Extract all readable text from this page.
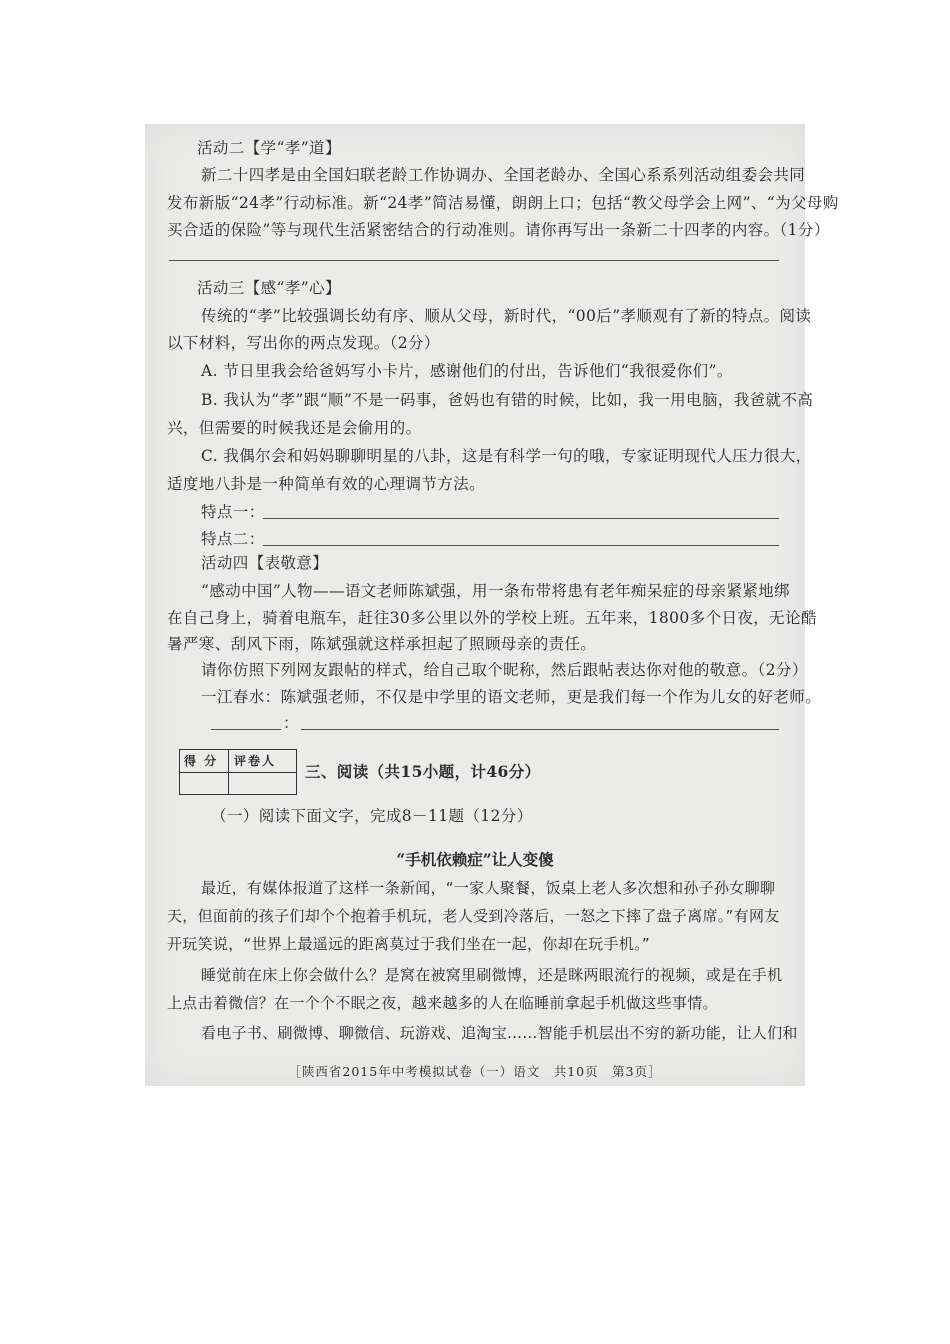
活动二【学“孝”道】
新二十四孝是由全国妇联老龄工作协调办、全国老龄办、全国心系系列活动组委会共同
发布新版“24孝”行动标准。新“24孝”简洁易懂，朗朗上口；包括“教父母学会上网”、“为父母购
买合适的保险”等与现代生活紧密结合的行动准则。请你再写出一条新二十四孝的内容。（1分）
活动三【感“孝”心】
传统的“孝”比较强调长幼有序、顺从父母，新时代，“00后”孝顺观有了新的特点。阅读
以下材料，写出你的两点发现。（2分）
A. 节日里我会给爸妈写小卡片，感谢他们的付出，告诉他们“我很爱你们”。
B. 我认为“孝”跟“顺”不是一码事，爸妈也有错的时候，比如，我一用电脑，我爸就不高
兴，但需要的时候我还是会偷用的。
C. 我偶尔会和妈妈聊聊明星的八卦，这是有科学一句的哦，专家证明现代人压力很大，
适度地八卦是一种简单有效的心理调节方法。
特点一：
特点二：
活动四【表敬意】
“感动中国”人物——语文老师陈斌强，用一条布带将患有老年痴呆症的母亲紧紧地绑
在自己身上，骑着电瓶车，赶往30多公里以外的学校上班。五年来，1800多个日夜，无论酷
暑严寒、刮风下雨，陈斌强就这样承担起了照顾母亲的责任。
请你仿照下列网友跟帖的样式，给自己取个昵称，然后跟帖表达你对他的敬意。（2分）
一江春水：陈斌强老师，不仅是中学里的语文老师，更是我们每一个作为儿女的好老师。
：
得 分 评卷人
三、阅读（共15小题，计46分）
（一）阅读下面文字，完成8－11题（12分）
“手机依赖症”让人变傻
最近，有媒体报道了这样一条新闻，“一家人聚餐，饭桌上老人多次想和孙子孙女聊聊
天，但面前的孩子们却个个抱着手机玩，老人受到冷落后，一怒之下摔了盘子离席。”有网友
开玩笑说，“世界上最遥远的距离莫过于我们坐在一起，你却在玩手机。”
睡觉前在床上你会做什么？是窝在被窝里刷微博，还是眯两眼流行的视频，或是在手机
上点击着微信？在一个个不眠之夜，越来越多的人在临睡前拿起手机做这些事情。
看电子书、刷微博、聊微信、玩游戏、追淘宝……智能手机层出不穷的新功能，让人们和
［陕西省2015年中考模拟试卷（一）语文　共10页　第3页］
